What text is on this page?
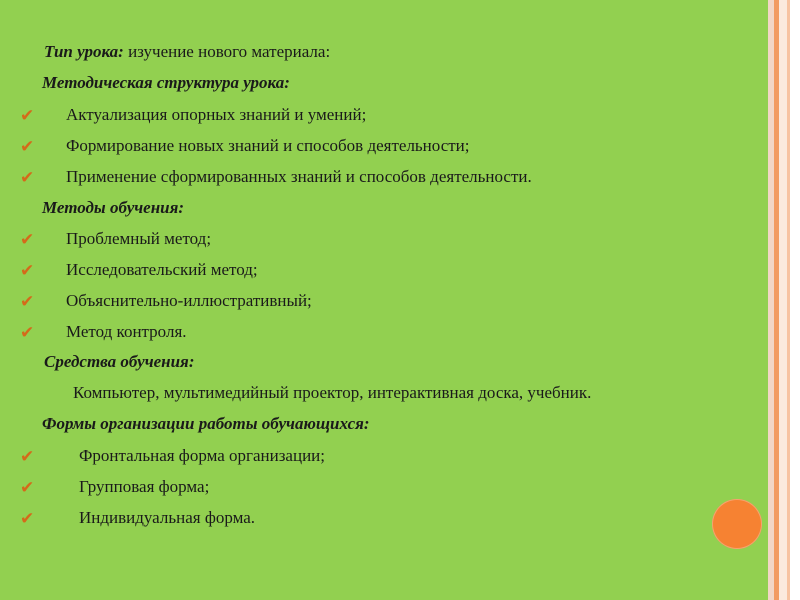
Тип урока: изучение нового материала:
Методическая структура урока:
✔ Актуализация опорных знаний и умений;
✔ Формирование новых знаний и способов деятельности;
✔ Применение сформированных знаний и способов деятельности.
Методы обучения:
✔ Проблемный метод;
✔ Исследовательский метод;
✔ Объяснительно-иллюстративный;
✔ Метод контроля.
Средства обучения:
Компьютер, мультимедийный проектор, интерактивная доска, учебник.
Формы организации работы обучающихся:
✔	Фронтальная форма организации;
✔	Групповая форма;
✔	Индивидуальная форма.
